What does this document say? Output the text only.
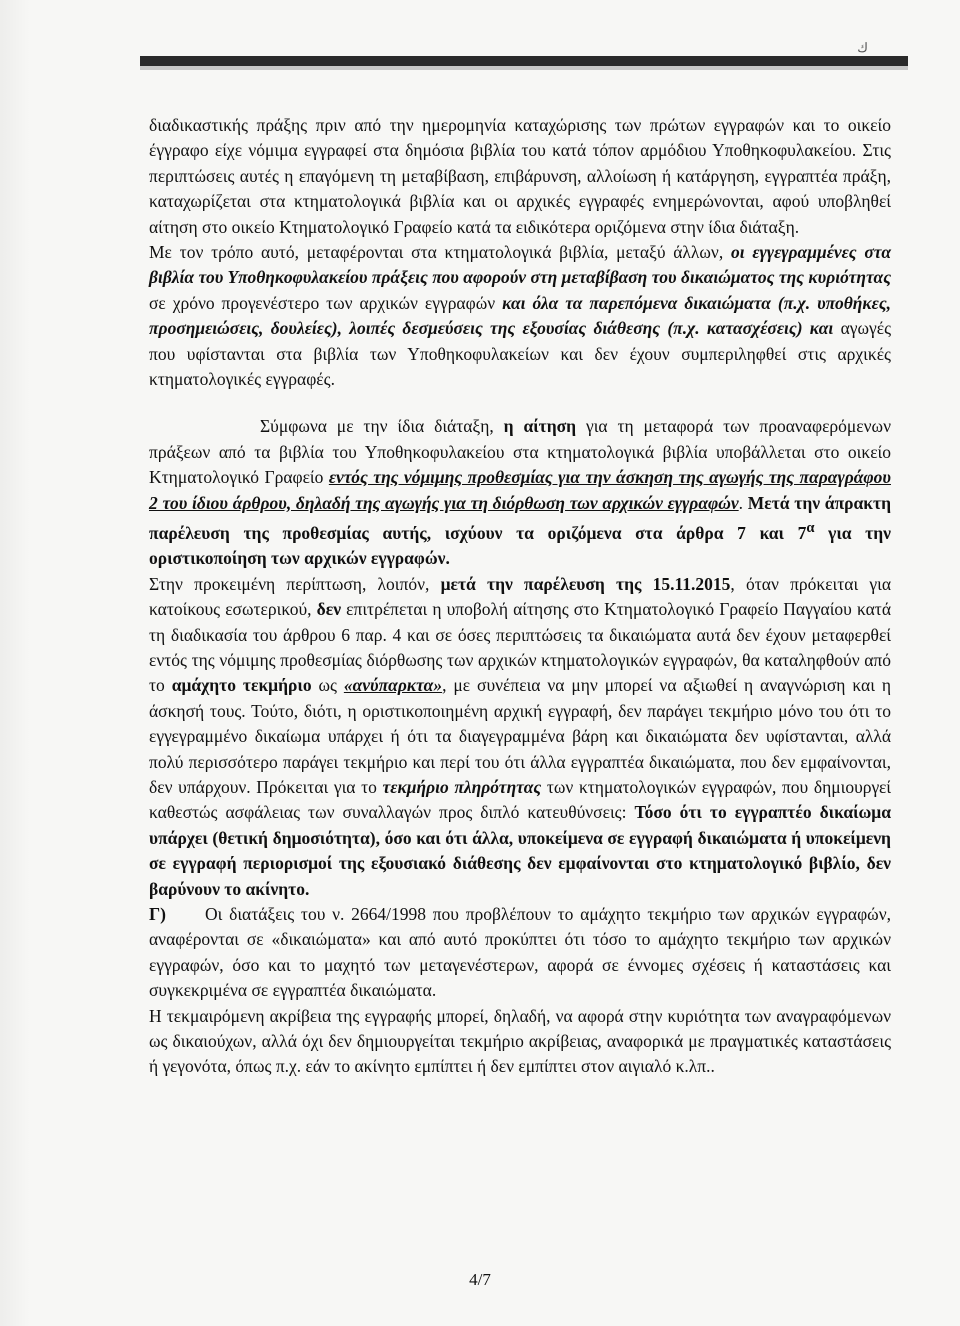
ك

διαδικαστικής πράξης πριν από την ημερομηνία καταχώρισης των πρώτων εγγραφών και το οικείο έγγραφο είχε νόμιμα εγγραφεί στα δημόσια βιβλία του κατά τόπον αρμόδιου Υποθηκοφυλακείου. Στις περιπτώσεις αυτές η επαγόμενη τη μεταβίβαση, επιβάρυνση, αλλοίωση ή κατάργηση, εγγραπτέα πράξη, καταχωρίζεται στα κτηματολογικά βιβλία και οι αρχικές εγγραφές ενημερώνονται, αφού υποβληθεί αίτηση στο οικείο Κτηματολογικό Γραφείο κατά τα ειδικότερα οριζόμενα στην ίδια διάταξη.

Με τον τρόπο αυτό, μεταφέρονται στα κτηματολογικά βιβλία, μεταξύ άλλων, οι εγγεγραμμένες στα βιβλία του Υποθηκοφυλακείου πράξεις που αφορούν στη μεταβίβαση του δικαιώματος της κυριότητας σε χρόνο προγενέστερο των αρχικών εγγραφών και όλα τα παρεπόμενα δικαιώματα (π.χ. υποθήκες, προσημειώσεις, δουλείες), λοιπές δεσμεύσεις της εξουσίας διάθεσης (π.χ. κατασχέσεις) και αγωγές που υφίστανται στα βιβλία των Υποθηκοφυλακείων και δεν έχουν συμπεριληφθεί στις αρχικές κτηματολογικές εγγραφές.

Σύμφωνα με την ίδια διάταξη, η αίτηση για τη μεταφορά των προαναφερόμενων πράξεων από τα βιβλία του Υποθηκοφυλακείου στα κτηματολογικά βιβλία υποβάλλεται στο οικείο Κτηματολογικό Γραφείο εντός της νόμιμης προθεσμίας για την άσκηση της αγωγής της παραγράφου 2 του ίδιου άρθρου, δηλαδή της αγωγής για τη διόρθωση των αρχικών εγγραφών. Μετά την άπρακτη παρέλευση της προθεσμίας αυτής, ισχύουν τα οριζόμενα στα άρθρα 7 και $7^\alpha$ για την οριστικοποίηση των αρχικών εγγραφών.

Στην προκειμένη περίπτωση, λοιπόν, μετά την παρέλευση της 15.11.2015, όταν πρόκειται για κατοίκους εσωτερικού, δεν επιτρέπεται η υποβολή αίτησης στο Κτηματολογικό Γραφείο Παγγαίου κατά τη διαδικασία του άρθρου 6 παρ. 4 και σε όσες περιπτώσεις τα δικαιώματα αυτά δεν έχουν μεταφερθεί εντός της νόμιμης προθεσμίας διόρθωσης των αρχικών κτηματολογικών εγγραφών, θα καταληφθούν από το αμάχητο τεκμήριο ως «ανύπαρκτα», με συνέπεια να μην μπορεί να αξιωθεί η αναγνώριση και η άσκησή τους. Τούτο, διότι, η οριστικοποιημένη αρχική εγγραφή, δεν παράγει τεκμήριο μόνο του ότι το εγγεγραμμένο δικαίωμα υπάρχει ή ότι τα διαγεγραμμένα βάρη και δικαιώματα δεν υφίστανται, αλλά πολύ περισσότερο παράγει τεκμήριο και περί του ότι άλλα εγγραπτέα δικαιώματα, που δεν εμφαίνονται, δεν υπάρχουν. Πρόκειται για το τεκμήριο πληρότητας των κτηματολογικών εγγραφών, που δημιουργεί καθεστώς ασφάλειας των συναλλαγών προς διπλό κατευθύνσεις: Τόσο ότι το εγγραπτέο δικαίωμα υπάρχει (θετική δημοσιότητα), όσο και ότι άλλα, υποκείμενα σε εγγραφή δικαιώματα ή υποκείμενη σε εγγραφή περιορισμοί της εξουσιακό διάθεσης δεν εμφαίνονται στο κτηματολογικό βιβλίο, δεν βαρύνουν το ακίνητο.

Γ) Οι διατάξεις του ν. 2664/1998 που προβλέπουν το αμάχητο τεκμήριο των αρχικών εγγραφών, αναφέρονται σε «δικαιώματα» και από αυτό προκύπτει ότι τόσο το αμάχητο τεκμήριο των αρχικών εγγραφών, όσο και το μαχητό των μεταγενέστερων, αφορά σε έννομες σχέσεις ή καταστάσεις και συγκεκριμένα σε εγγραπτέα δικαιώματα.

Η τεκμαιρόμενη ακρίβεια της εγγραφής μπορεί, δηλαδή, να αφορά στην κυριότητα των αναγραφόμενων ως δικαιούχων, αλλά όχι δεν δημιουργείται τεκμήριο ακρίβειας, αναφορικά με πραγματικές καταστάσεις ή γεγονότα, όπως π.χ. εάν το ακίνητο εμπίπτει ή δεν εμπίπτει στον αιγιαλό κ.λπ..

4/7
